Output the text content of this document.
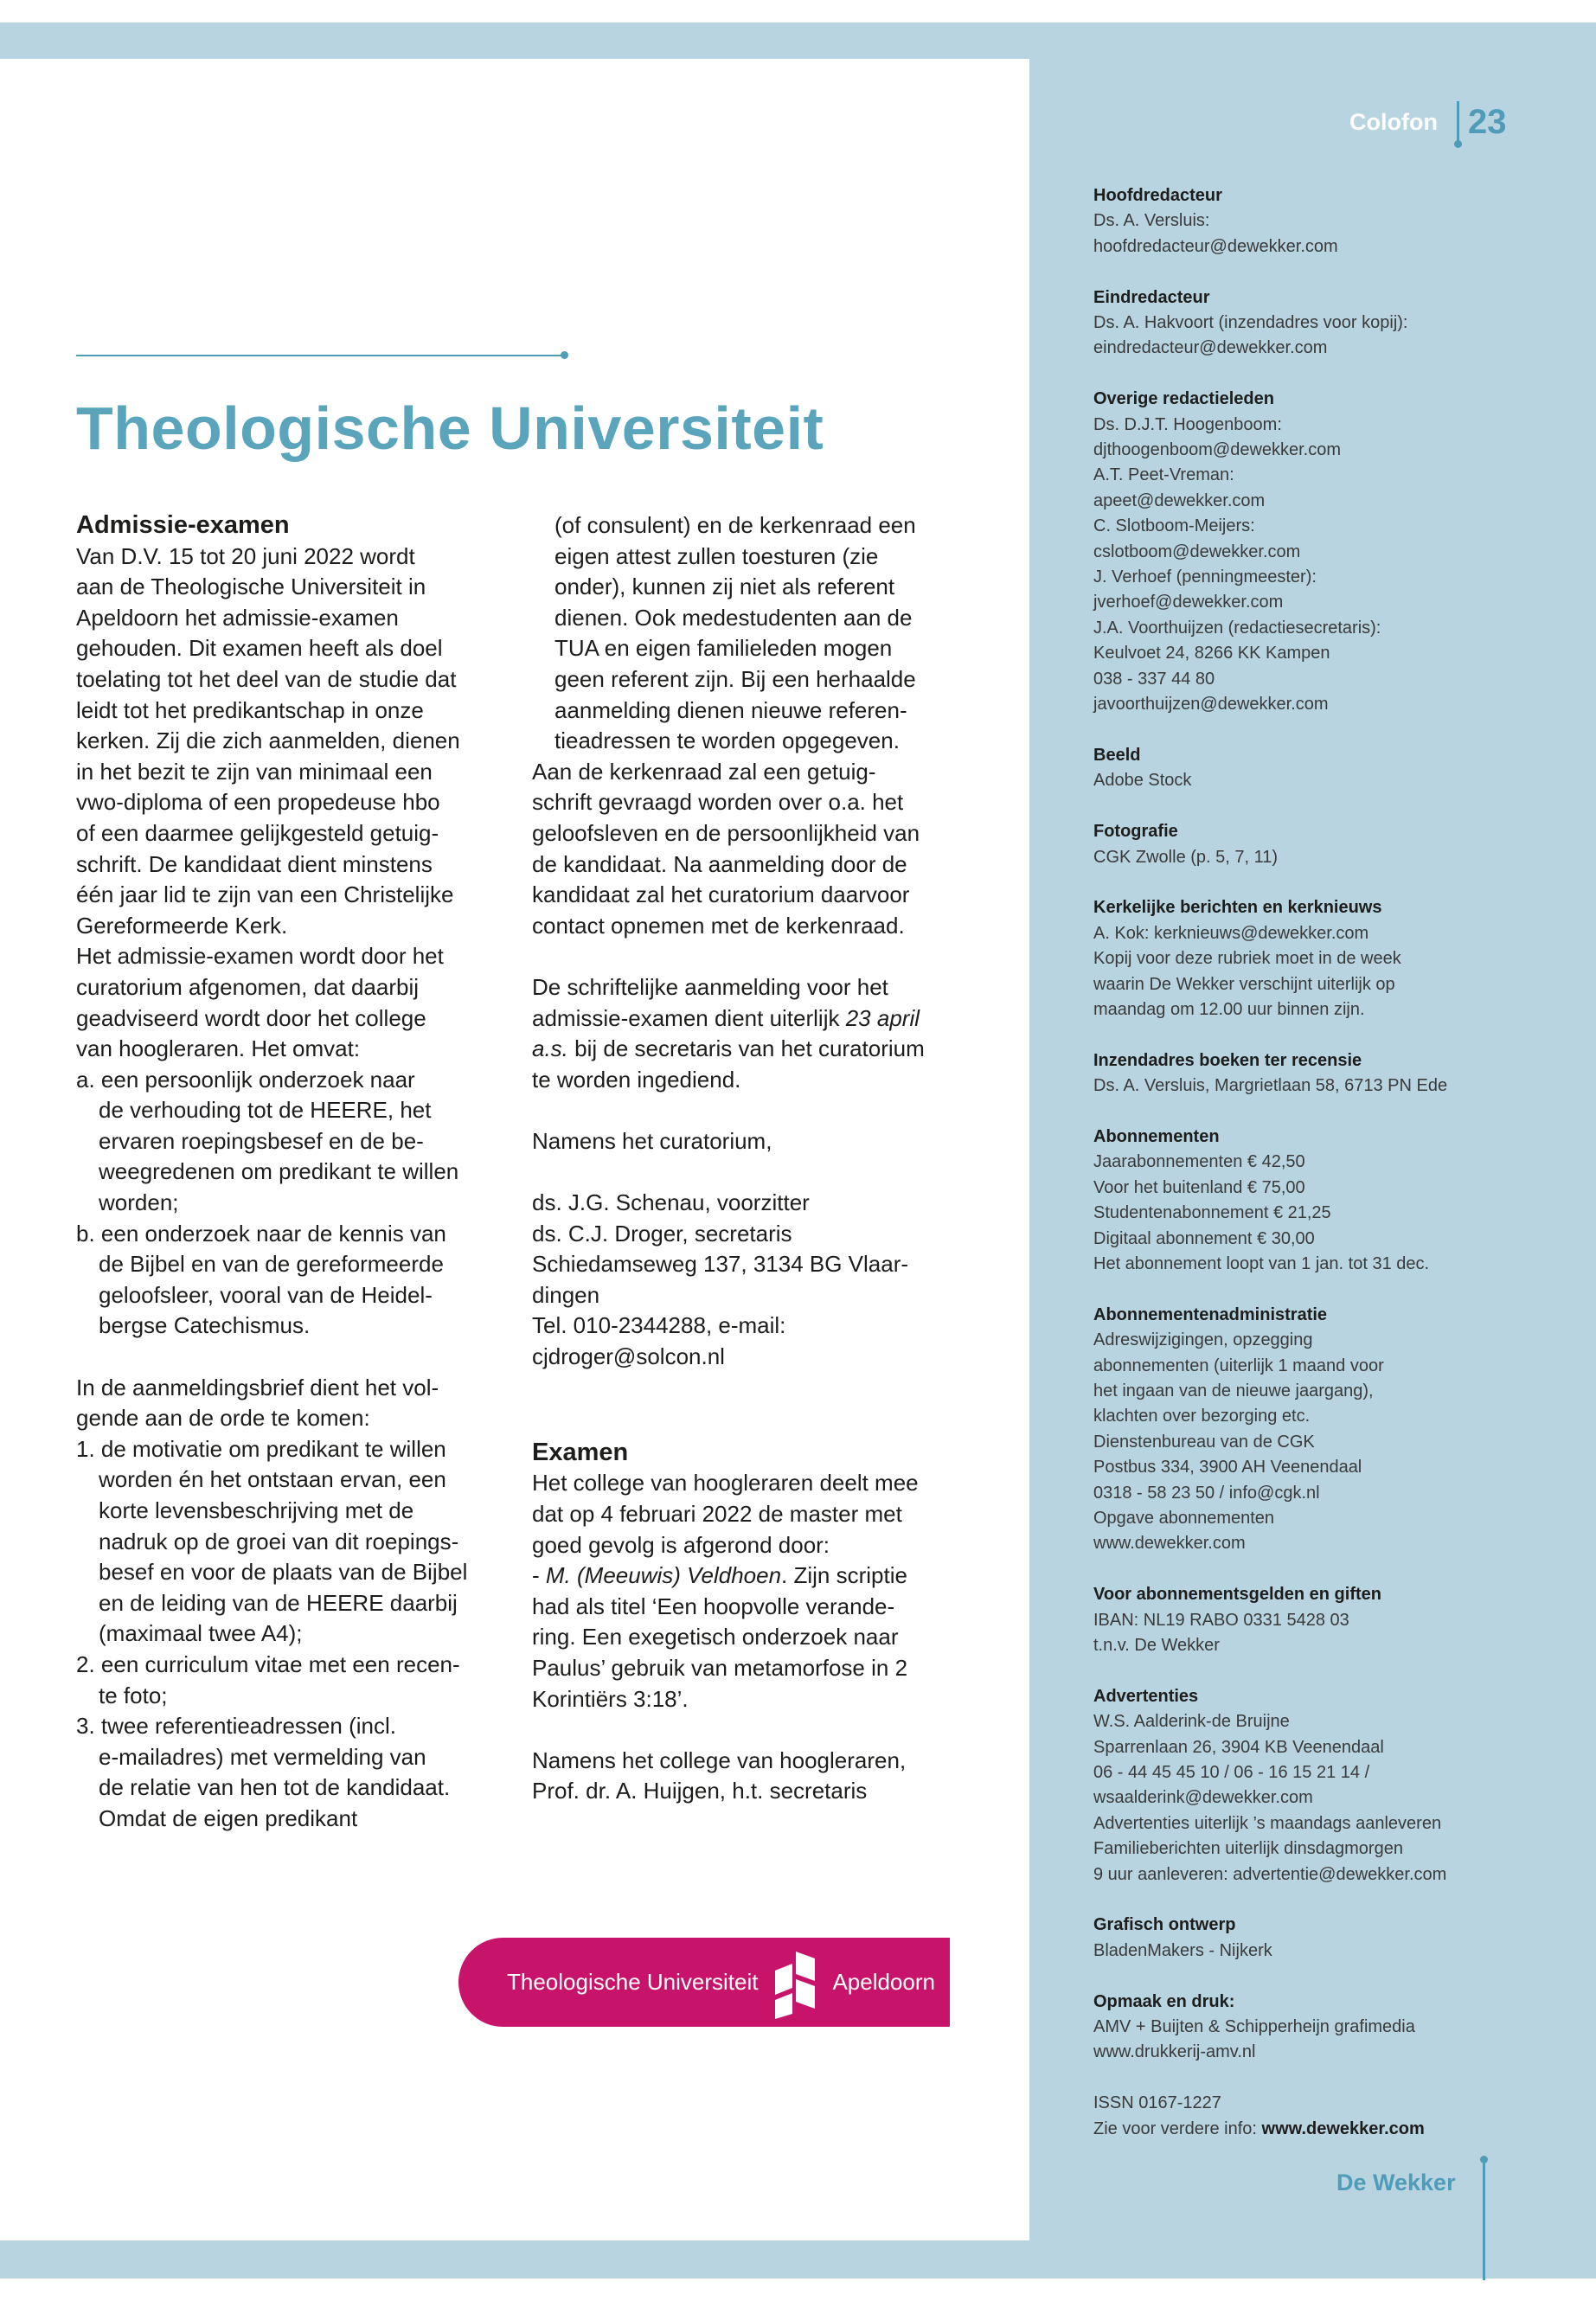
Colofon 23
Theologische Universiteit

Admissie-examen

Van D.V. 15 tot 20 juni 2022 wordt

aan de Theologische Universiteit in

Apeldoorn het admissie-examen

gehouden. Dit examen heeft als doel

toelating tot het deel van de studie dat

leidt tot het predikantschap in onze

kerken. Zij die zich aanmelden, dienen

in het bezit te zijn van minimaal een

vwo-diploma of een propedeuse hbo

of een daarmee gelijkgesteld getuig-

schrift. De kandidaat dient minstens

één jaar lid te zijn van een Christelijke

Gereformeerde Kerk.

Het admissie-examen wordt door het

curatorium afgenomen, dat daarbij

geadviseerd wordt door het college

van hoogleraren. Het omvat:

a. een persoonlijk onderzoek naar

de verhouding tot de HEERE, het

ervaren roepingsbesef en de be-

weegredenen om predikant te willen

worden;

b. een onderzoek naar de kennis van

de Bijbel en van de gereformeerde

geloofsleer, vooral van de Heidel-

bergse Catechismus.

In de aanmeldingsbrief dient het vol-

gende aan de orde te komen:

1. de motivatie om predikant te willen

worden én het ontstaan ervan, een

korte levensbeschrijving met de

nadruk op de groei van dit roepings-

besef en voor de plaats van de Bijbel

en de leiding van de HEERE daarbij

(maximaal twee A4);

2. een curriculum vitae met een recen-

te foto;

3. twee referentieadressen (incl.

e-mailadres) met vermelding van

de relatie van hen tot de kandidaat.

Omdat de eigen predikant

(of consulent) en de kerkenraad een

eigen attest zullen toesturen (zie

onder), kunnen zij niet als referent

dienen. Ook medestudenten aan de

TUA en eigen familieleden mogen

geen referent zijn. Bij een herhaalde

aanmelding dienen nieuwe referen-

tieadressen te worden opgegeven.

Aan de kerkenraad zal een getuig-

schrift gevraagd worden over o.a. het

geloofsleven en de persoonlijkheid van

de kandidaat. Na aanmelding door de

kandidaat zal het curatorium daarvoor

contact opnemen met de kerkenraad.

De schriftelijke aanmelding voor het

admissie-examen dient uiterlijk 23 april

a.s. bij de secretaris van het curatorium

te worden ingediend.

Namens het curatorium,

ds. J.G. Schenau, voorzitter

ds. C.J. Droger, secretaris

Schiedamseweg 137, 3134 BG Vlaar-

dingen

Tel. 010-2344288, e-mail:

cjdroger@solcon.nl

Examen

Het college van hoogleraren deelt mee

dat op 4 februari 2022 de master met

goed gevolg is afgerond door:

- M. (Meeuwis) Veldhoen. Zijn scriptie

had als titel ‘Een hoopvolle verande-

ring. Een exegetisch onderzoek naar

Paulus’ gebruik van metamorfose in 2

Korintiërs 3:18’.

Namens het college van hoogleraren,

Prof. dr. A. Huijgen, h.t. secretaris

Theologische Universiteit	Apeldoorn
Hoofdredacteur
Ds. A. Versluis:
hoofdredacteur@dewekker.com
Eindredacteur
Ds. A. Hakvoort (inzendadres voor kopij):
eindredacteur@dewekker.com
Overige redactieleden
Ds. D.J.T. Hoogenboom:
djthoogenboom@dewekker.com
A.T. Peet-Vreman:
apeet@dewekker.com
C. Slotboom-Meijers:
cslotboom@dewekker.com
J. Verhoef (penningmeester):
jverhoef@dewekker.com
J.A. Voorthuijzen (redactiesecretaris):
Keulvoet 24, 8266 KK Kampen
038 - 337 44 80
javoorthuijzen@dewekker.com
Beeld
Adobe Stock
Fotografie
CGK Zwolle (p. 5, 7, 11)
Kerkelijke berichten en kerknieuws
A. Kok: kerknieuws@dewekker.com
Kopij voor deze rubriek moet in de week
waarin De Wekker verschijnt uiterlijk op
maandag om 12.00 uur binnen zijn.
Inzendadres boeken ter recensie
Ds. A. Versluis, Margrietlaan 58, 6713 PN Ede
Abonnementen
Jaarabonnementen € 42,50
Voor het buitenland € 75,00
Studentenabonnement € 21,25
Digitaal abonnement € 30,00
Het abonnement loopt van 1 jan. tot 31 dec.
Abonnementenadministratie
Adreswijzigingen, opzegging
abonnementen (uiterlijk 1 maand voor
het ingaan van de nieuwe jaargang),
klachten over bezorging etc.
Dienstenbureau van de CGK
Postbus 334, 3900 AH Veenendaal
0318 - 58 23 50 / info@cgk.nl
Opgave abonnementen
www.dewekker.com
Voor abonnementsgelden en giften
IBAN: NL19 RABO 0331 5428 03
t.n.v. De Wekker
Advertenties
W.S. Aalderink-de Bruijne
Sparrenlaan 26, 3904 KB Veenendaal
06 - 44 45 45 10 / 06 - 16 15 21 14 /
wsaalderink@dewekker.com
Advertenties uiterlijk ’s maandags aanleveren
Familieberichten uiterlijk dinsdagmorgen
9 uur aanleveren: advertentie@dewekker.com
Grafisch ontwerp
BladenMakers - Nijkerk
Opmaak en druk:
AMV + Buijten & Schipperheijn grafimedia
www.drukkerij-amv.nl
ISSN 0167-1227
Zie voor verdere info: www.dewekker.com
De Wekker
